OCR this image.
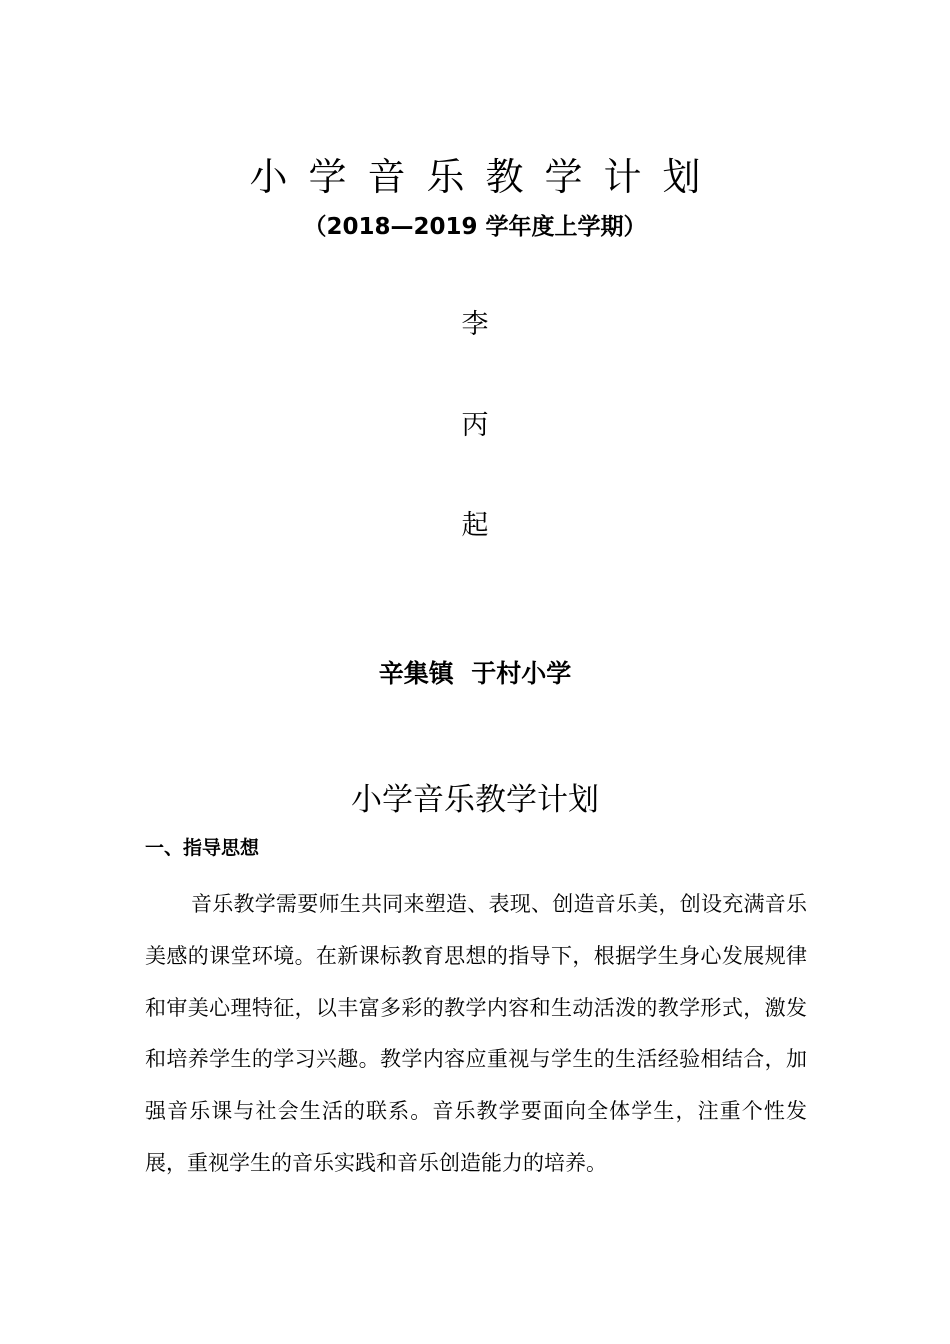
小学音乐教学计划
（2018—2019 学年度上学期）
李
丙
起
辛集镇  于村小学
小学音乐教学计划
一、指导思想
音乐教学需要师生共同来塑造、表现、创造音乐美，创设充满音乐美感的课堂环境。在新课标教育思想的指导下，根据学生身心发展规律和审美心理特征，以丰富多彩的教学内容和生动活泼的教学形式，激发和培养学生的学习兴趣。教学内容应重视与学生的生活经验相结合，加强音乐课与社会生活的联系。音乐教学要面向全体学生，注重个性发展，重视学生的音乐实践和音乐创造能力的培养。
